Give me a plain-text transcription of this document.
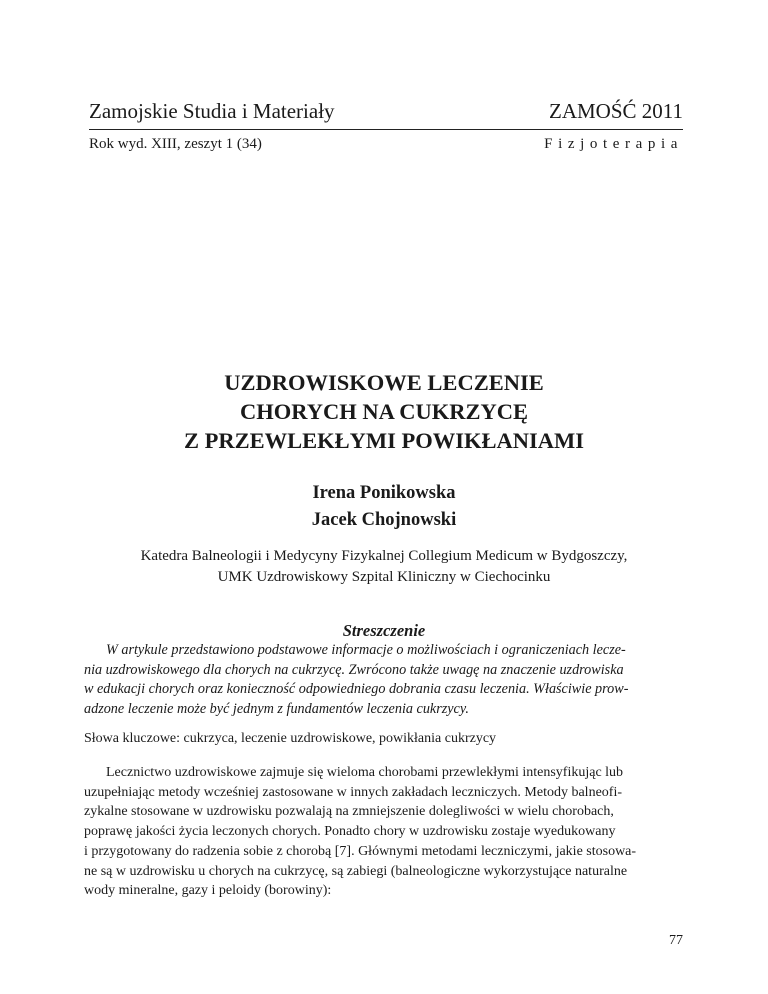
Zamojskie Studia i Materiały	ZAMOŚĆ 2011
Rok wyd. XIII, zeszyt 1 (34)	Fizjoterapia
UZDROWISKOWE LECZENIE
CHORYCH NA CUKRZYCĘ
Z PRZEWLEKŁYMI POWIKŁANIAMI
Irena Ponikowska
Jacek Chojnowski
Katedra Balneologii i Medycyny Fizykalnej Collegium Medicum w Bydgoszczy,
UMK Uzdrowiskowy Szpital Kliniczny w Ciechocinku
Streszczenie
W artykule przedstawiono podstawowe informacje o możliwościach i ograniczeniach lecze-
nia uzdrowiskowego dla chorych na cukrzycę. Zwrócono także uwagę na znaczenie uzdrowiska
w edukacji chorych oraz konieczność odpowiedniego dobrania czasu leczenia. Właściwie prow-
adzone leczenie może być jednym z fundamentów leczenia cukrzycy.
Słowa kluczowe: cukrzyca, leczenie uzdrowiskowe, powikłania cukrzycy
Lecznictwo uzdrowiskowe zajmuje się wieloma chorobami przewlekłymi intensyfikując lub
uzupełniając metody wcześniej zastosowane w innych zakładach leczniczych. Metody balneofi-
zykalne stosowane w uzdrowisku pozwalają na zmniejszenie dolegliwości w wielu chorobach,
poprawę jakości życia leczonych chorych. Ponadto chory w uzdrowisku zostaje wyedukowany
i przygotowany do radzenia sobie z chorobą [7]. Głównymi metodami leczniczymi, jakie stosowa-
ne są w uzdrowisku u chorych na cukrzycę, są zabiegi (balneologiczne wykorzystujące naturalne
wody mineralne, gazy i peloidy (borowiny):
77
